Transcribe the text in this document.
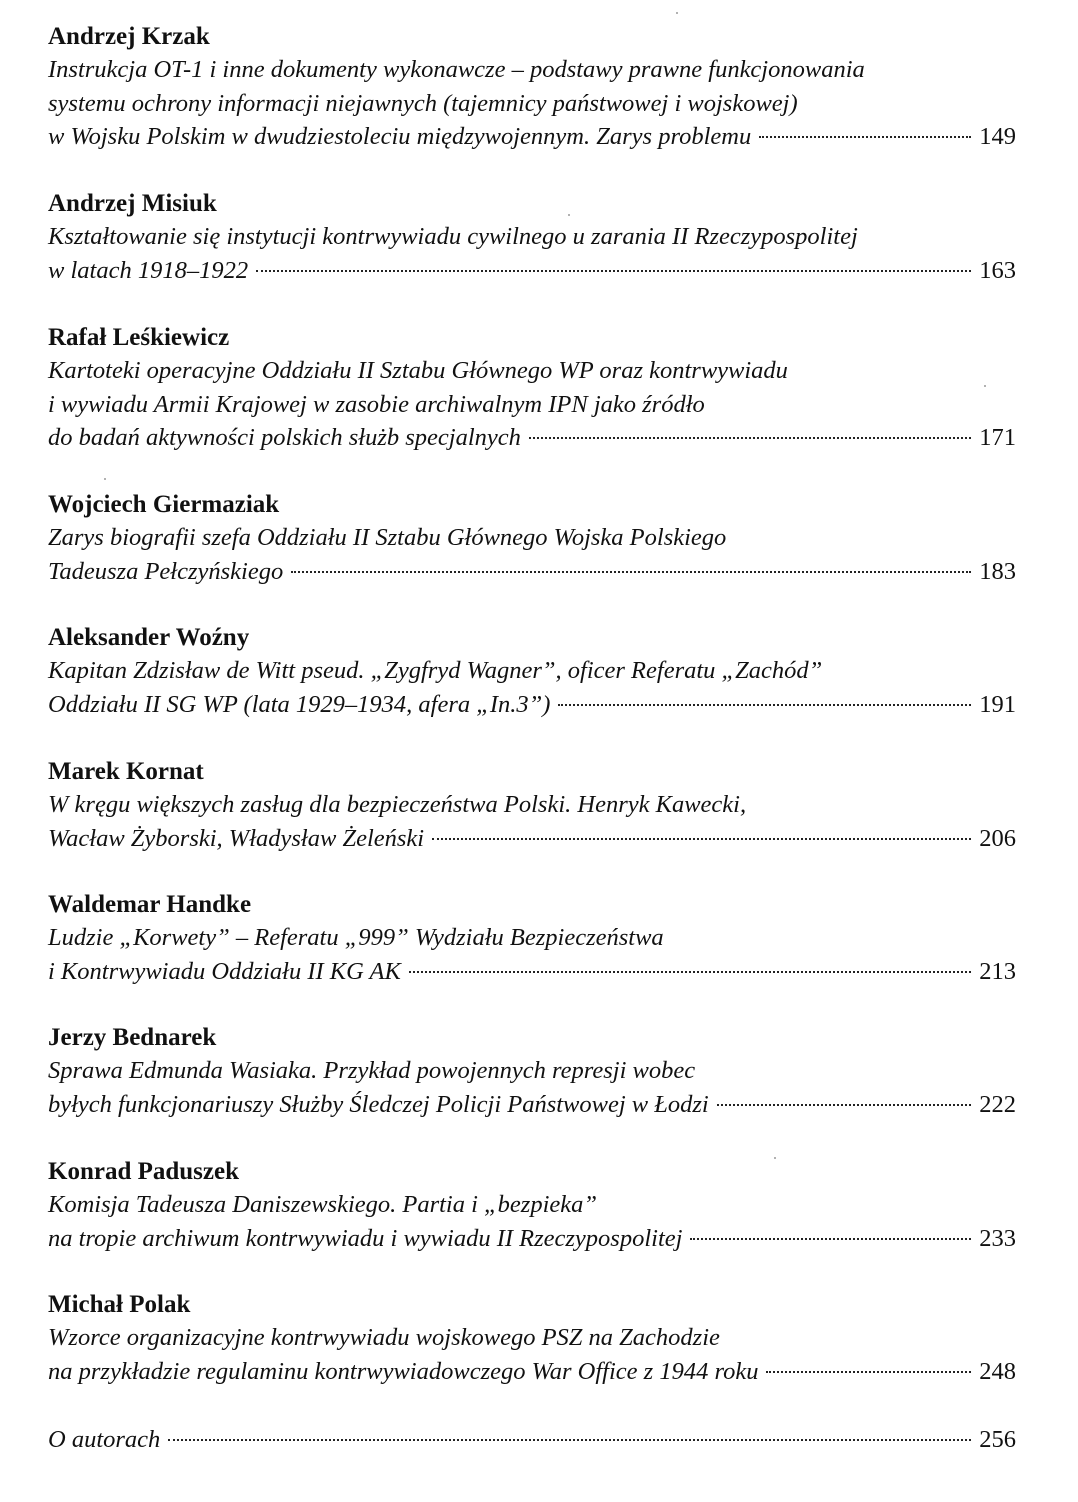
Andrzej Krzak
Instrukcja OT-1 i inne dokumenty wykonawcze – podstawy prawne funkcjonowania
systemu ochrony informacji niejawnych (tajemnicy państwowej i wojskowej)
w Wojsku Polskim w dwudziestoleciu międzywojennym. Zarys problemu	149
Andrzej Misiuk
Kształtowanie się instytucji kontrwywiadu cywilnego u zarania II Rzeczypospolitej
w latach 1918–1922	163
Rafał Leśkiewicz
Kartoteki operacyjne Oddziału II Sztabu Głównego WP oraz kontrwywiadu
i wywiadu Armii Krajowej w zasobie archiwalnym IPN jako źródło
do badań aktywności polskich służb specjalnych	171
Wojciech Giermaziak
Zarys biografii szefa Oddziału II Sztabu Głównego Wojska Polskiego
Tadeusza Pełczyńskiego	183
Aleksander Woźny
Kapitan Zdzisław de Witt pseud. „Zygfryd Wagner”, oficer Referatu „Zachód”
Oddziału II SG WP (lata 1929–1934, afera „In.3”)	191
Marek Kornat
W kręgu większych zasług dla bezpieczeństwa Polski. Henryk Kawecki,
Wacław Żyborski, Władysław Żeleński	206
Waldemar Handke
Ludzie „Korwety” – Referatu „999” Wydziału Bezpieczeństwa
i Kontrwywiadu Oddziału II KG AK	213
Jerzy Bednarek
Sprawa Edmunda Wasiaka. Przykład powojennych represji wobec
byłych funkcjonariuszy Służby Śledczej Policji Państwowej w Łodzi	222
Konrad Paduszek
Komisja Tadeusza Daniszewskiego. Partia i „bezpieka”
na tropie archiwum kontrwywiadu i wywiadu II Rzeczypospolitej	233
Michał Polak
Wzorce organizacyjne kontrwywiadu wojskowego PSZ na Zachodzie
na przykładzie regulaminu kontrwywiadowczego War Office z 1944 roku	248
O autorach	256
